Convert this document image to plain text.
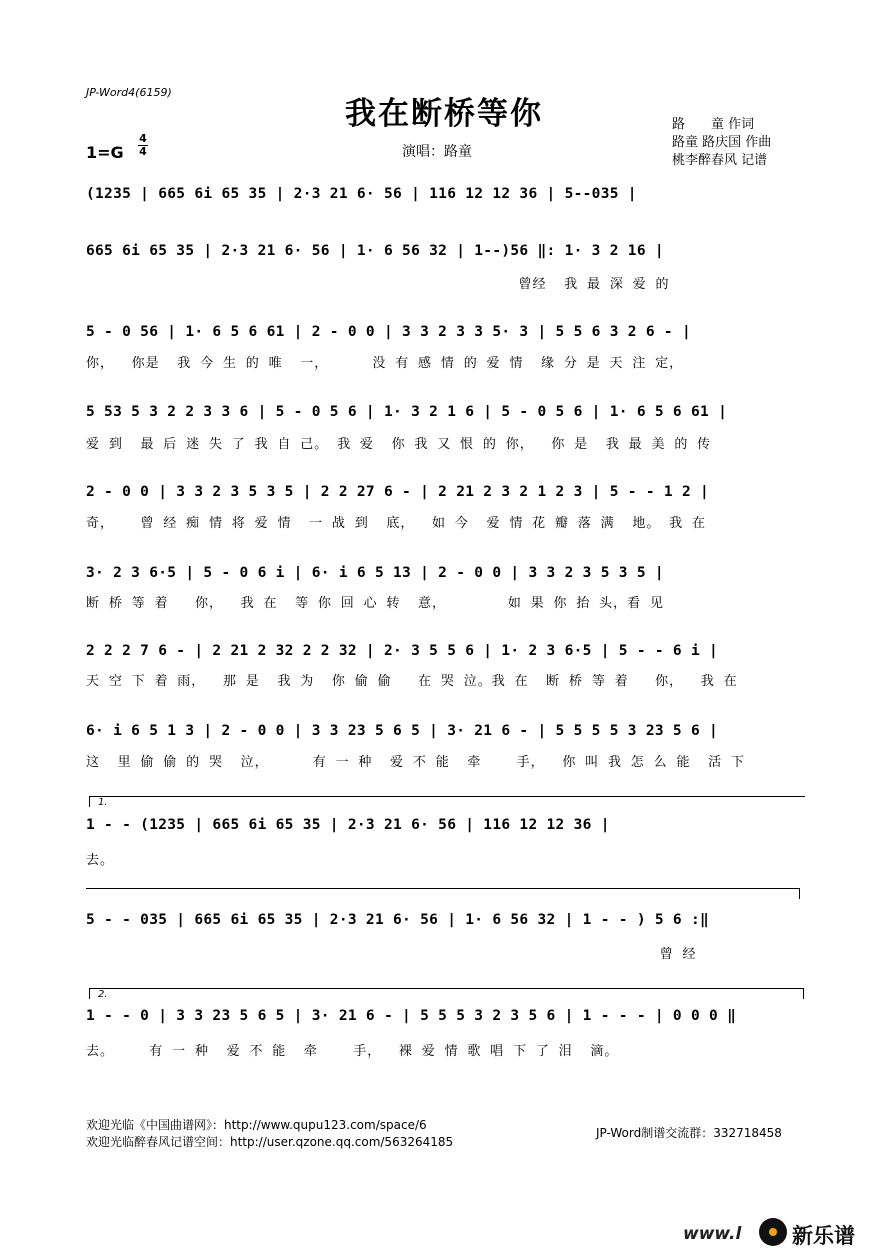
JP-Word4(6159)
我在断桥等你
1=G
4
4	演唱：路童
路　　童 作词
路童 路庆国 作曲
桃李醉春风 记谱
(1235 | 665 6i 65 35 | 2·3 21 6· 56 | 116 12 12 36 | 5--035 |
665 6i 65 35 | 2·3 21 6· 56 | 1· 6 56 32 | 1--)56 ‖: 1· 3 2 16 |
曾经  我 最 深 爱 的
5 - 0 56 | 1· 6 5 6 61 | 2 - 0 0 | 3 3 2 3 3 5· 3 | 5 5 6 3 2 6 - |
你，  你是  我 今 生 的 唯  一，     没 有 感 情 的 爱 情  缘 分 是 天 注 定，
5 53 5 3 2 2 3 3 6 | 5 - 0 5 6 | 1· 3 2 1 6 | 5 - 0 5 6 | 1· 6 5 6 61 |
爱 到  最 后 迷 失 了 我 自 己。 我 爱  你 我 又 恨 的 你，  你 是  我 最 美 的 传
2 - 0 0 | 3 3 2 3 5 3 5 | 2 2 27 6 - | 2 21 2 3 2 1 2 3 | 5 - - 1 2 |
奇，   曾 经 痴 情 将 爱 情  一 战 到  底，  如 今  爱 情 花 瓣 落 满  地。 我 在
3· 2 3 6·5 | 5 - 0 6 i | 6· i 6 5 13 | 2 - 0 0 | 3 3 2 3 5 3 5 |
断 桥 等 着   你，  我 在  等 你 回 心 转  意，       如 果 你 抬 头，看 见
2 2 2 7 6 - | 2 21 2 32 2 2 32 | 2· 3 5 5 6 | 1· 2 3 6·5 | 5 - - 6 i |
天 空 下 着 雨，  那 是  我 为  你 偷 偷   在 哭 泣。我 在  断 桥 等 着   你，  我 在
6· i 6 5 1 3 | 2 - 0 0 | 3 3 23 5 6 5 | 3· 21 6 - | 5 5 5 5 3 23 5 6 |
这  里 偷 偷 的 哭  泣，     有 一 种  爱 不 能  牵    手，  你 叫 我 怎 么 能  活 下
1.
1 - - (1235 | 665 6i 65 35 | 2·3 21 6· 56 | 116 12 12 36 |
去。
5 - - 035 | 665 6i 65 35 | 2·3 21 6· 56 | 1· 6 56 32 | 1 - - ) 5 6 :‖
曾 经
2.
1 - - 0 | 3 3 23 5 6 5 | 3· 21 6 - | 5 5 5 3 2 3 5 6 | 1 - - - | 0 0 0 ‖
去。    有 一 种  爱 不 能  牵    手，  裸 爱 情 歌 唱 下 了 泪  滴。
欢迎光临《中国曲谱网》：http://www.qupu123.com/space/6
欢迎光临醉春风记谱空间：http://user.qzone.qq.com/563264185
JP-Word制谱交流群：332718458
www.l 新乐谱
